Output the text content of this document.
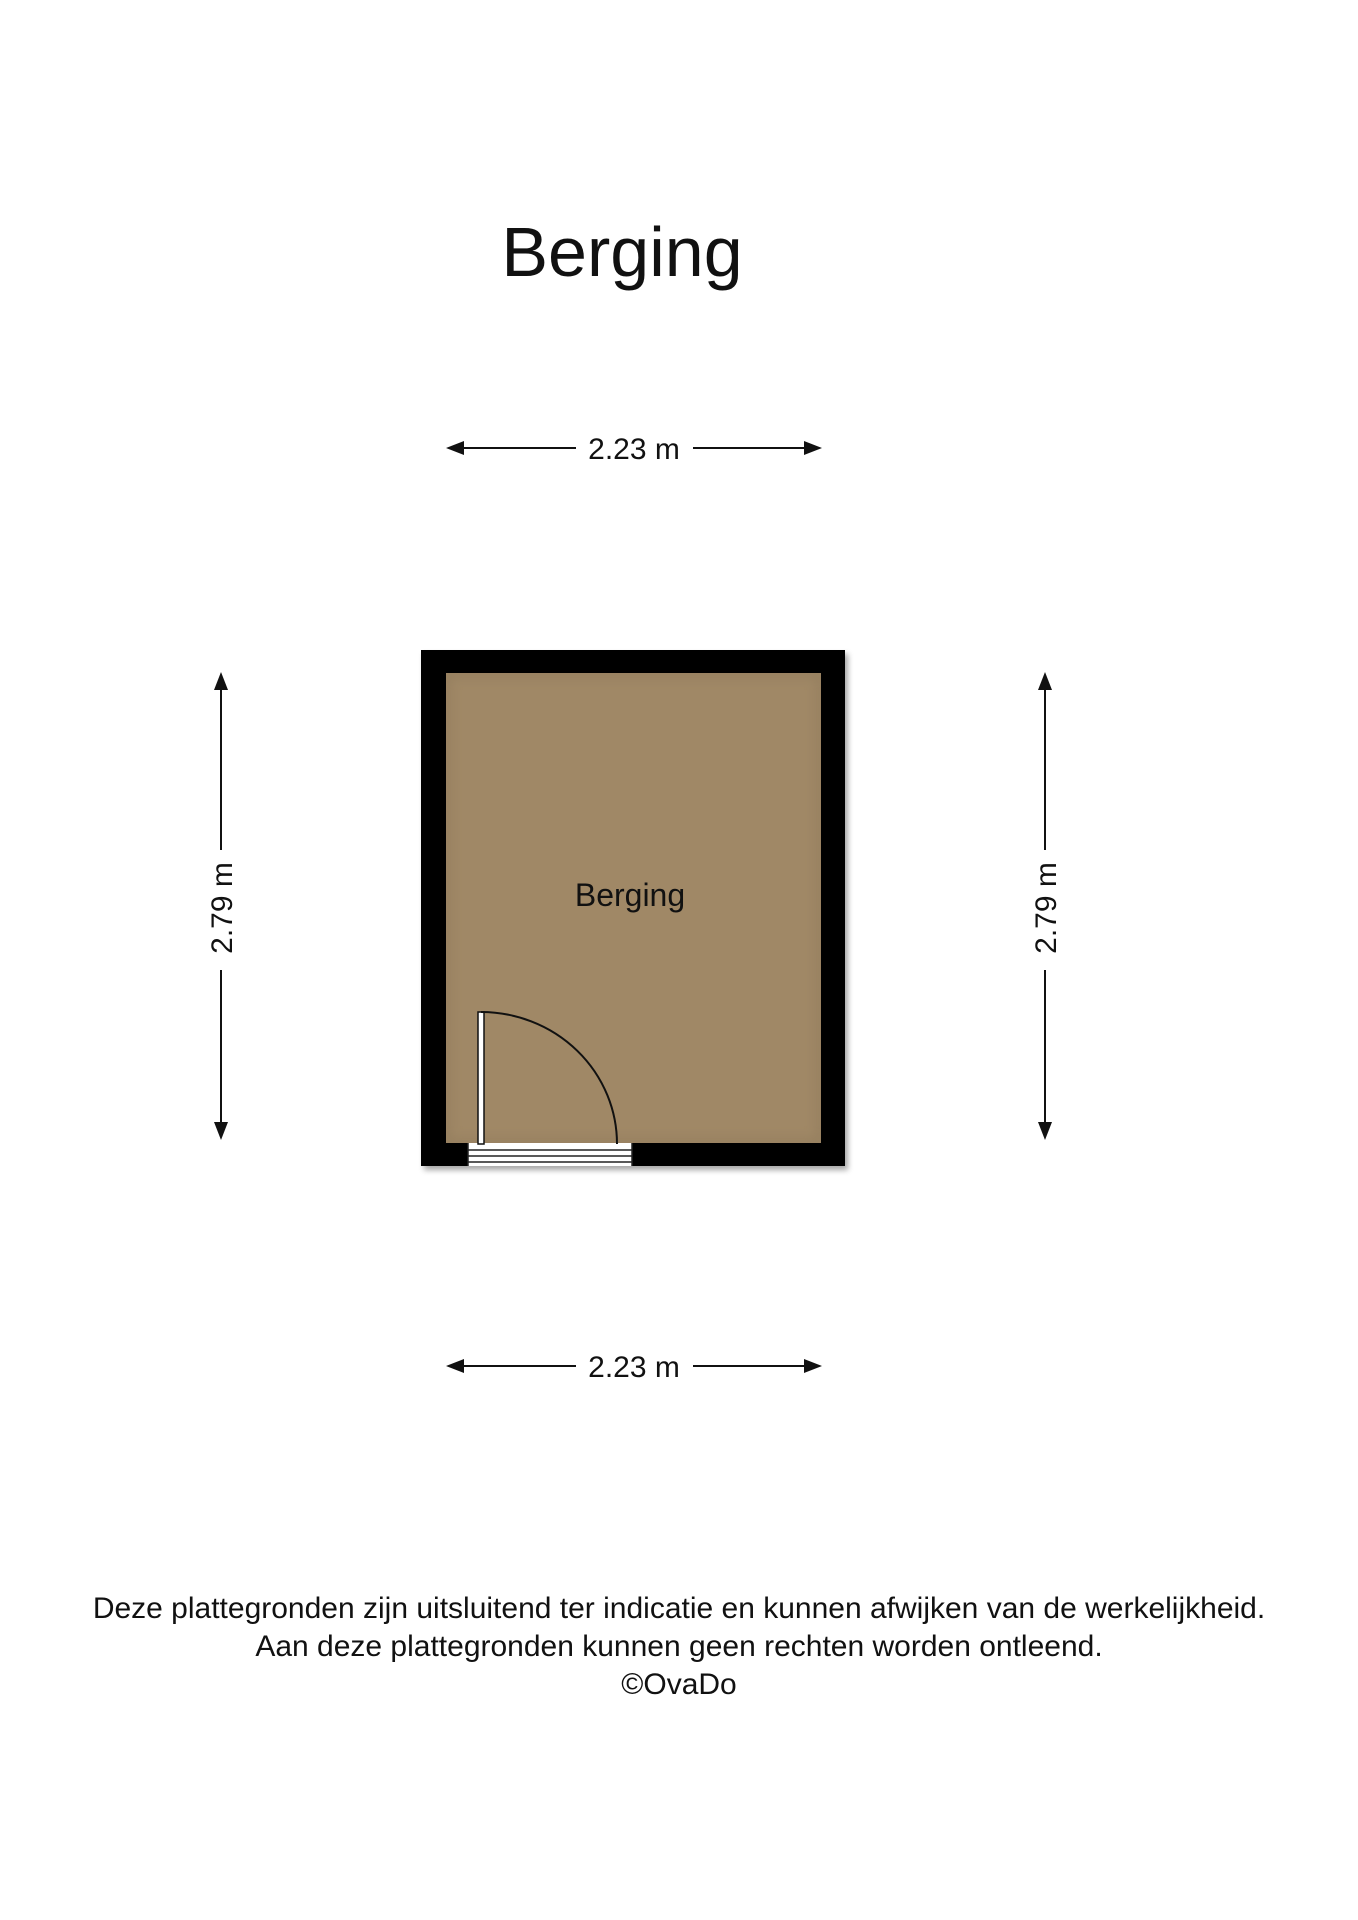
Berging
2.23 m
2.23 m
2.79 m	2.79 m
Berging
Deze plattegronden zijn uitsluitend ter indicatie en kunnen afwijken van de werkelijkheid.
Aan deze plattegronden kunnen geen rechten worden ontleend.
©OvaDo
